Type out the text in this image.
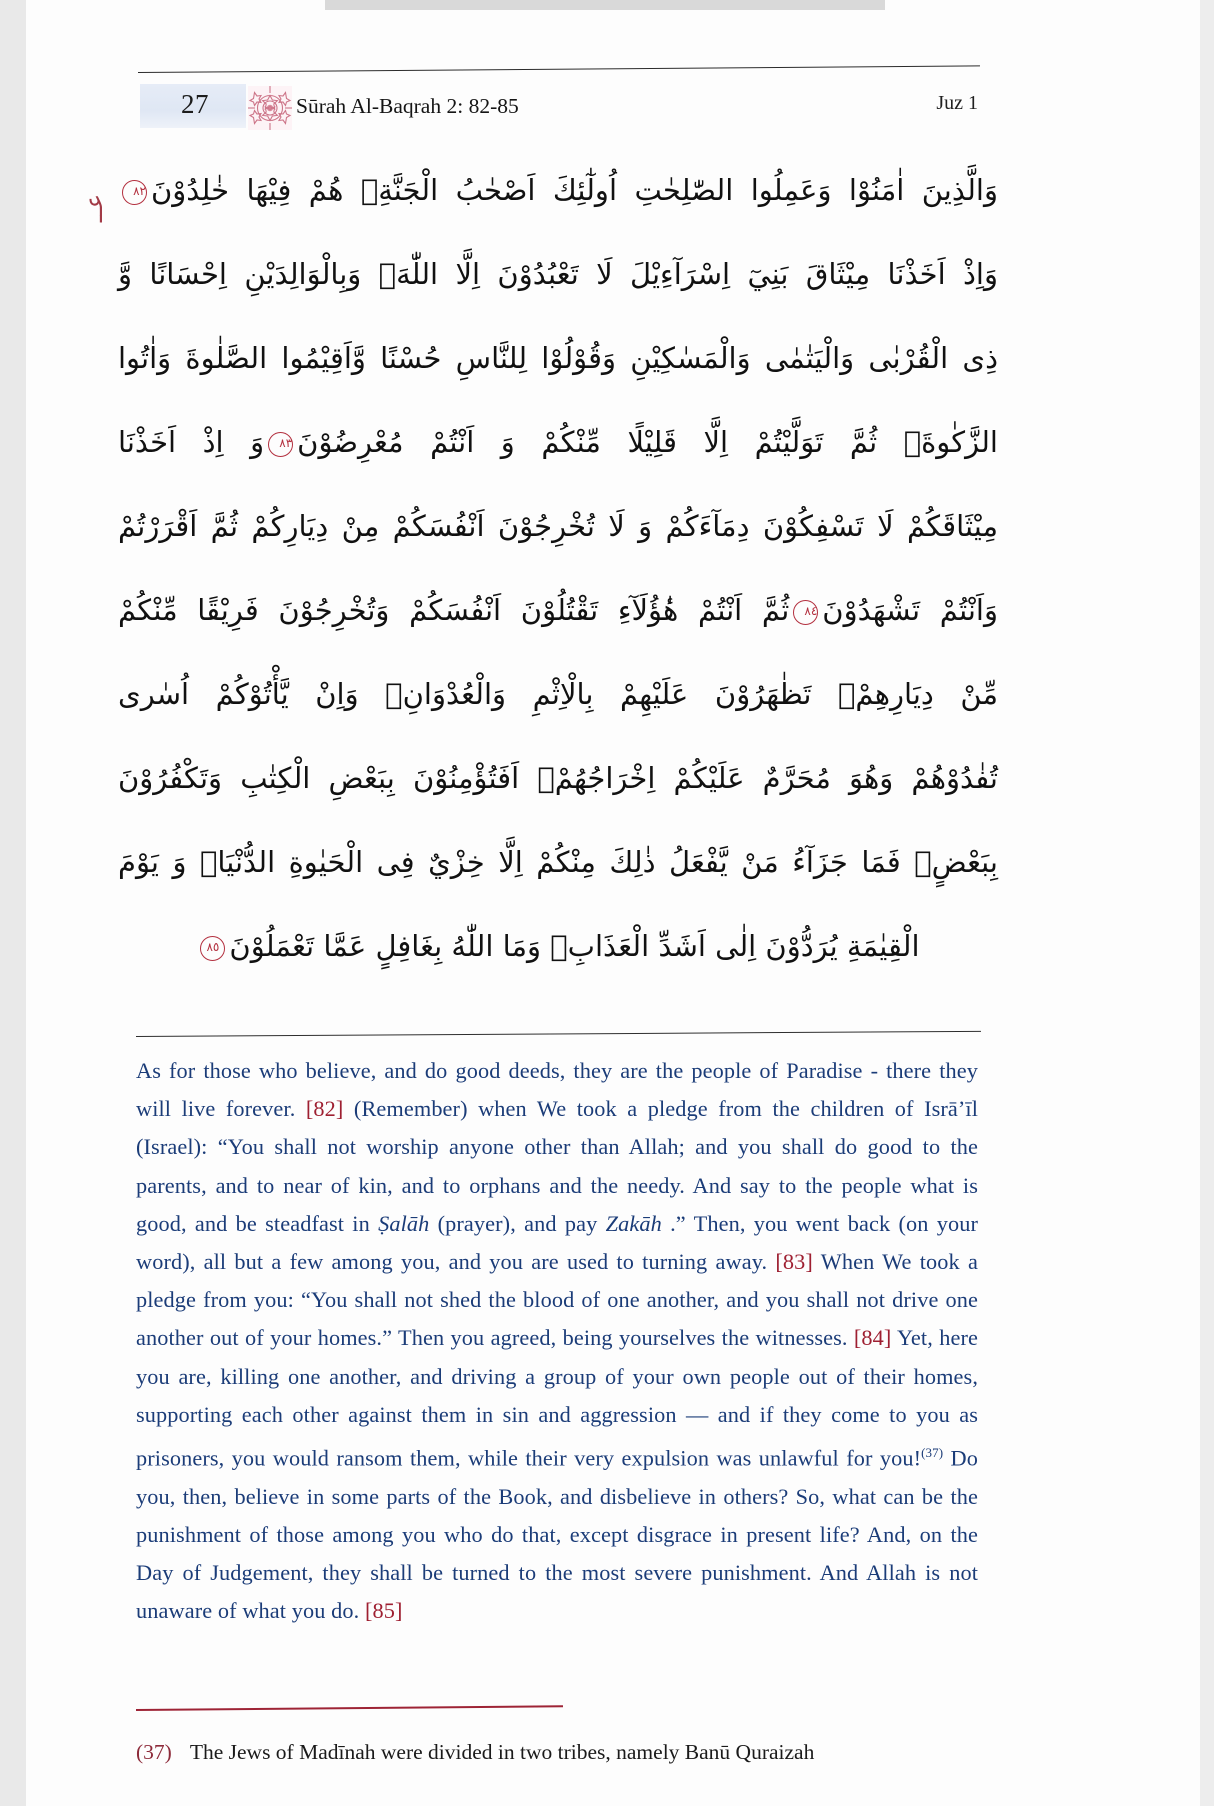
27	Sūrah Al-Baqrah 2: 82-85	Juz 1
عــ
وَالَّذِينَ اٰمَنُوْا وَعَمِلُوا الصّٰلِحٰتِ اُولٰٓئِكَ اَصْحٰبُ الْجَنَّةِۚ هُمْ فِيْهَا خٰلِدُوْنَ٨٢
وَاِذْ اَخَذْنَا مِيْثَاقَ بَنِيٓ اِسْرَآءِيْلَ لَا تَعْبُدُوْنَ اِلَّا اللّٰهَۖ وَبِالْوَالِدَيْنِ اِحْسَانًا وَّ
ذِى الْقُرْبٰى وَالْيَتٰمٰى وَالْمَسٰكِيْنِ وَقُوْلُوْا لِلنَّاسِ حُسْنًا وَّاَقِيْمُوا الصَّلٰوةَ وَاٰتُوا
الزَّكٰوةَۘ ثُمَّ تَوَلَّيْتُمْ اِلَّا قَلِيْلًا مِّنْكُمْ وَ اَنْتُمْ مُعْرِضُوْنَ٨٣وَ اِذْ اَخَذْنَا
مِيْثَاقَكُمْ لَا تَسْفِكُوْنَ دِمَآءَكُمْ وَ لَا تُخْرِجُوْنَ اَنْفُسَكُمْ مِنْ دِيَارِكُمْ ثُمَّ اَقْرَرْتُمْ
وَاَنْتُمْ تَشْهَدُوْنَ٨٤ثُمَّ اَنْتُمْ هٰٔؤُلَآءِ تَقْتُلُوْنَ اَنْفُسَكُمْ وَتُخْرِجُوْنَ فَرِيْقًا مِّنْكُمْ
مِّنْ دِيَارِهِمْۘ تَظٰهَرُوْنَ عَلَيْهِمْ بِالْاِثْمِ وَالْعُدْوَانِۘ وَاِنْ يَّأْتُوْكُمْ اُسٰرى
تُفٰدُوْهُمْ وَهُوَ مُحَرَّمٌ عَلَيْكُمْ اِخْرَاجُهُمْۘ اَفَتُؤْمِنُوْنَ بِبَعْضِ الْكِتٰبِ وَتَكْفُرُوْنَ
بِبَعْضٍۚ فَمَا جَزَآءُ مَنْ يَّفْعَلُ ذٰلِكَ مِنْكُمْ اِلَّا خِزْيٌ فِى الْحَيٰوةِ الدُّنْيَاۚ وَ يَوْمَ
الْقِيٰمَةِ يُرَدُّوْنَ اِلٰى اَشَدِّ الْعَذَابِۘ وَمَا اللّٰهُ بِغَافِلٍ عَمَّا تَعْمَلُوْنَ٨٥
As for those who believe, and do good deeds, they are the people of Paradise - there they will live forever. [82] (Remember) when We took a pledge from the children of Isrā’īl (Israel): “You shall not worship anyone other than Allah; and you shall do good to the parents, and to near of kin, and to orphans and the needy. And say to the people what is good, and be steadfast in Ṣalāh (prayer), and pay Zakāh .” Then, you went back (on your word), all but a few among you, and you are used to turning away. [83] When We took a pledge from you: “You shall not shed the blood of one another, and you shall not drive one another out of your homes.” Then you agreed, being yourselves the witnesses. [84] Yet, here you are, killing one another, and driving a group of your own people out of their homes, supporting each other against them in sin and aggression — and if they come to you as prisoners, you would ransom them, while their very expulsion was unlawful for you!$^{(37)}$ Do you, then, believe in some parts of the Book, and disbelieve in others? So, what can be the punishment of those among you who do that, except disgrace in present life? And, on the Day of Judgement, they shall be turned to the most severe punishment. And Allah is not unaware of what you do. [85]
(37) The Jews of Madīnah were divided in two tribes, namely Banū Quraizah
